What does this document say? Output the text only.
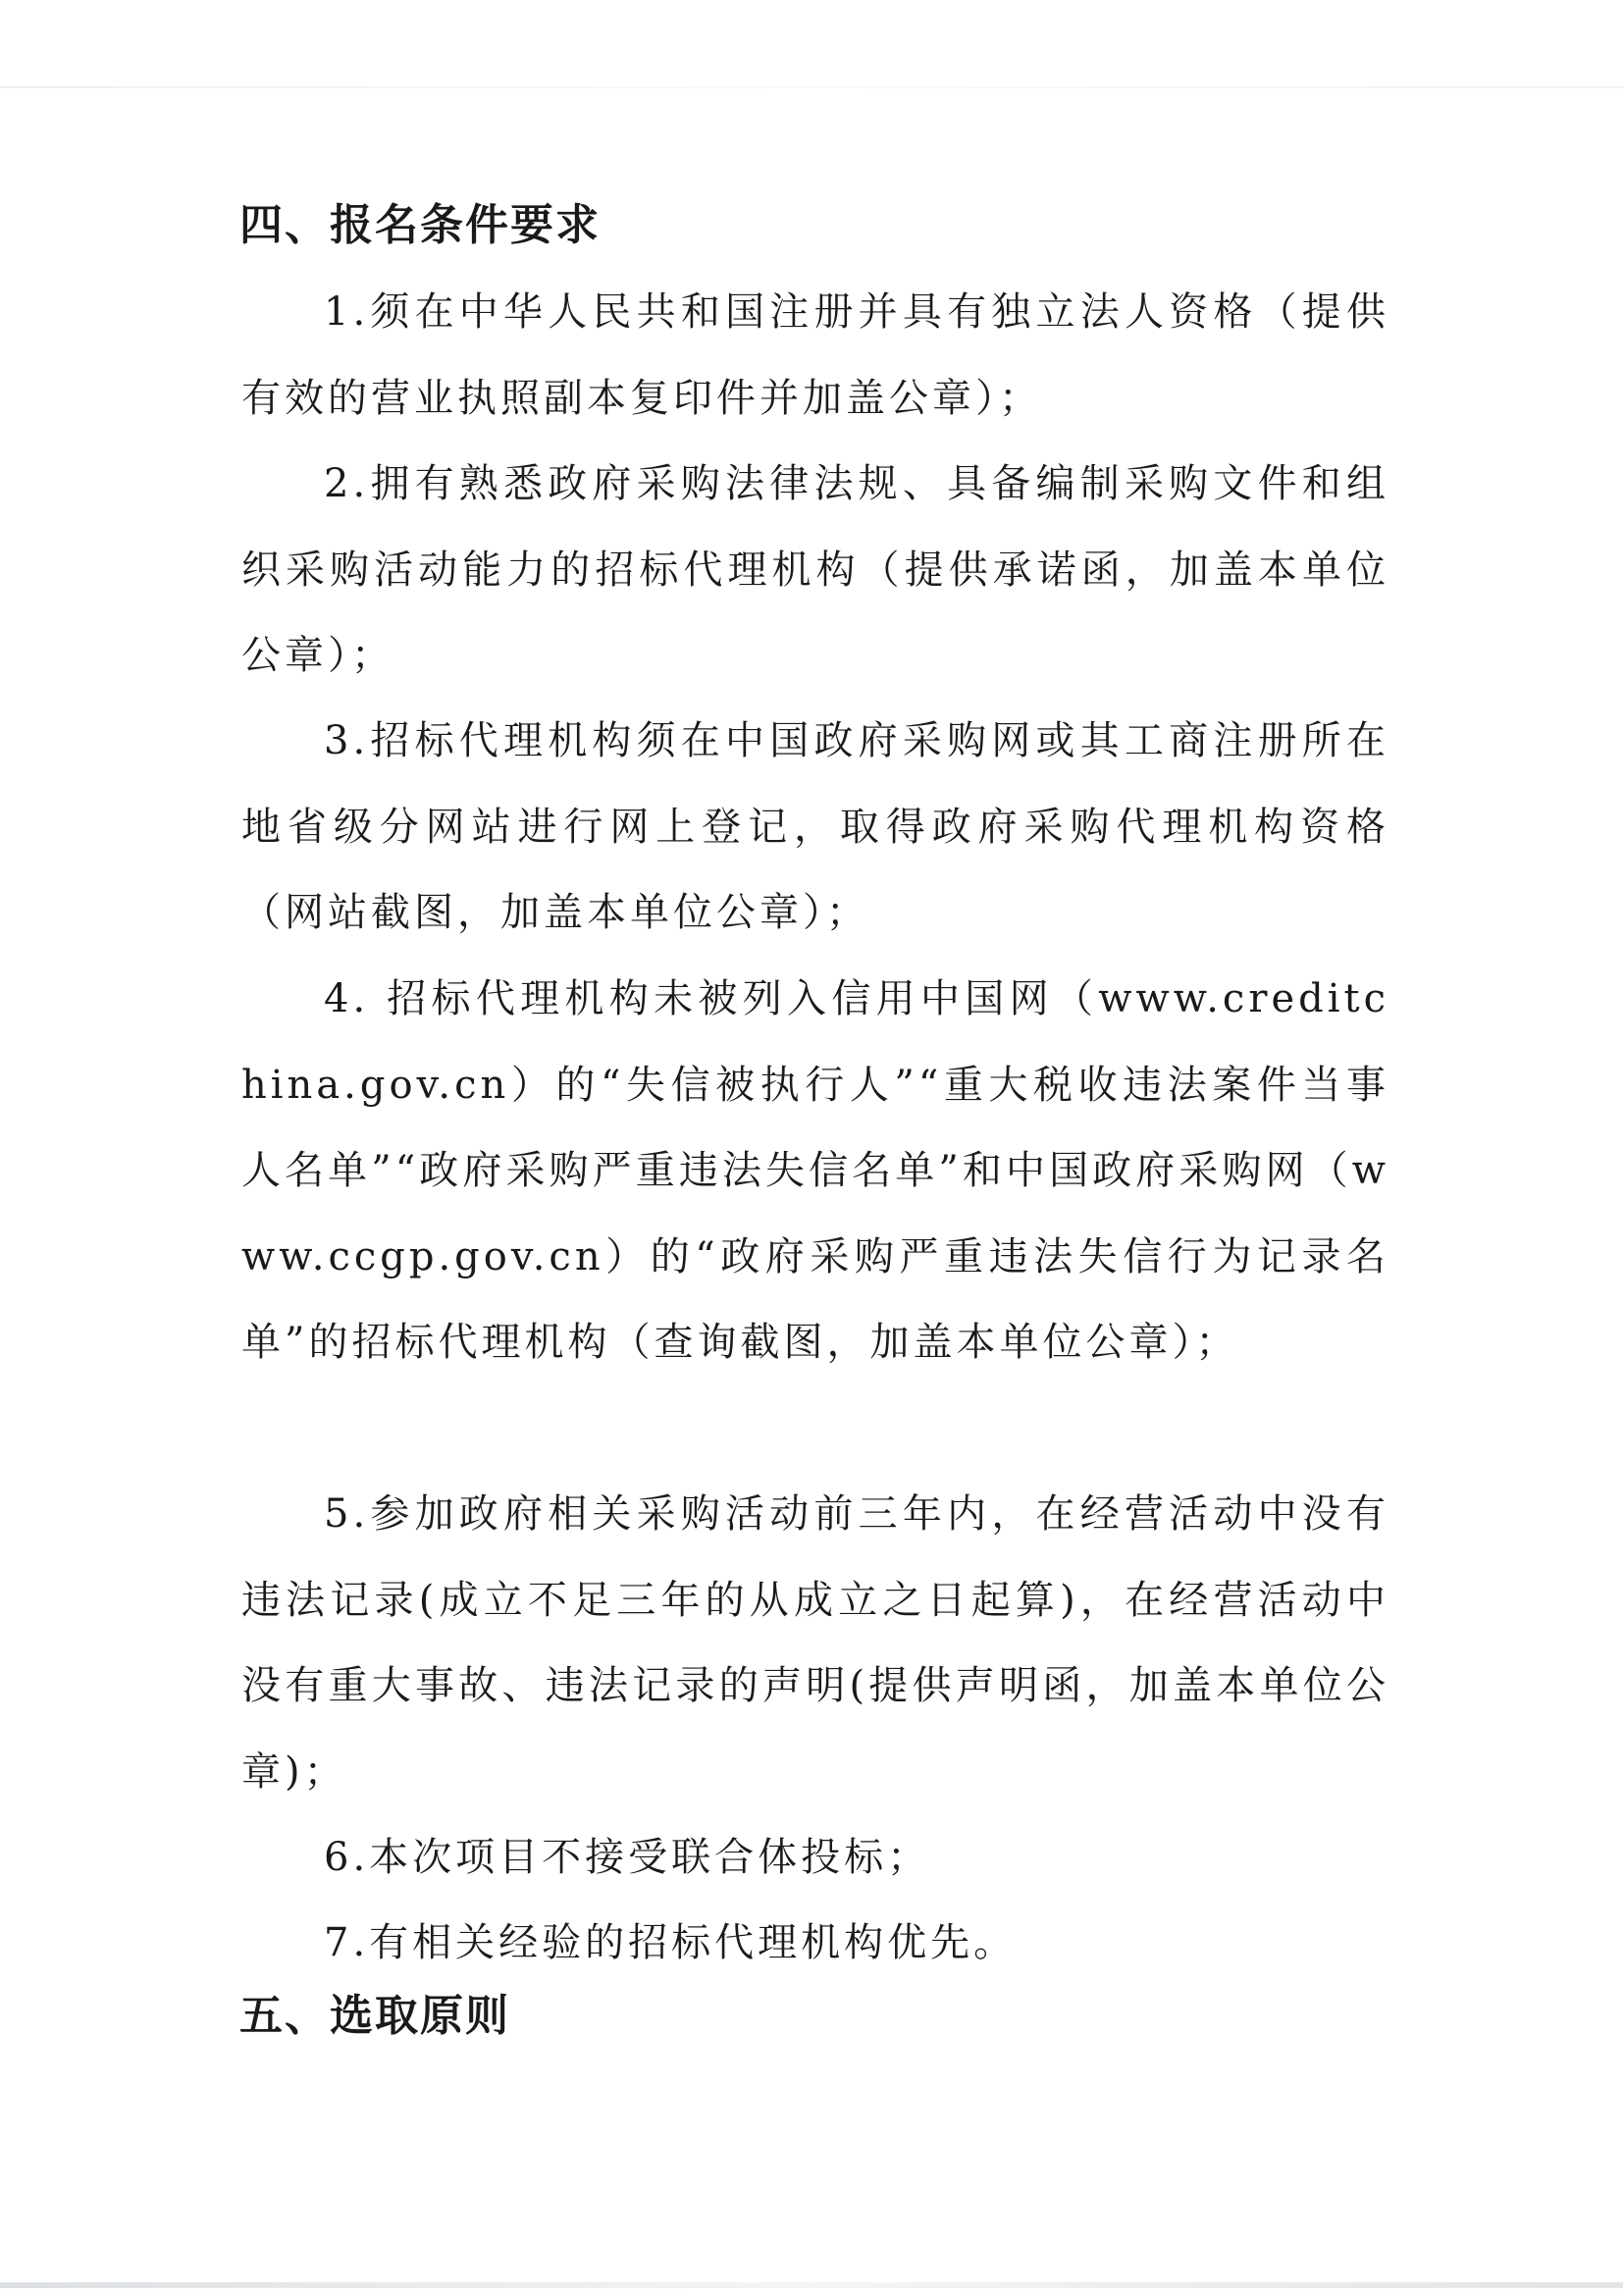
四、报名条件要求
1.须在中华人民共和国注册并具有独立法人资格（提供有效的营业执照副本复印件并加盖公章）；
2.拥有熟悉政府采购法律法规、具备编制采购文件和组织采购活动能力的招标代理机构（提供承诺函，加盖本单位公章）；
3.招标代理机构须在中国政府采购网或其工商注册所在地省级分网站进行网上登记，取得政府采购代理机构资格（网站截图，加盖本单位公章）；
4. 招标代理机构未被列入信用中国网（www.creditchina.gov.cn）的“失信被执行人”“重大税收违法案件当事人名单”“政府采购严重违法失信名单”和中国政府采购网（www.ccgp.gov.cn）的“政府采购严重违法失信行为记录名单”的招标代理机构（查询截图，加盖本单位公章）；
5.参加政府相关采购活动前三年内，在经营活动中没有违法记录(成立不足三年的从成立之日起算)，在经营活动中没有重大事故、违法记录的声明(提供声明函，加盖本单位公章)；
6.本次项目不接受联合体投标；
7.有相关经验的招标代理机构优先。
五、选取原则
